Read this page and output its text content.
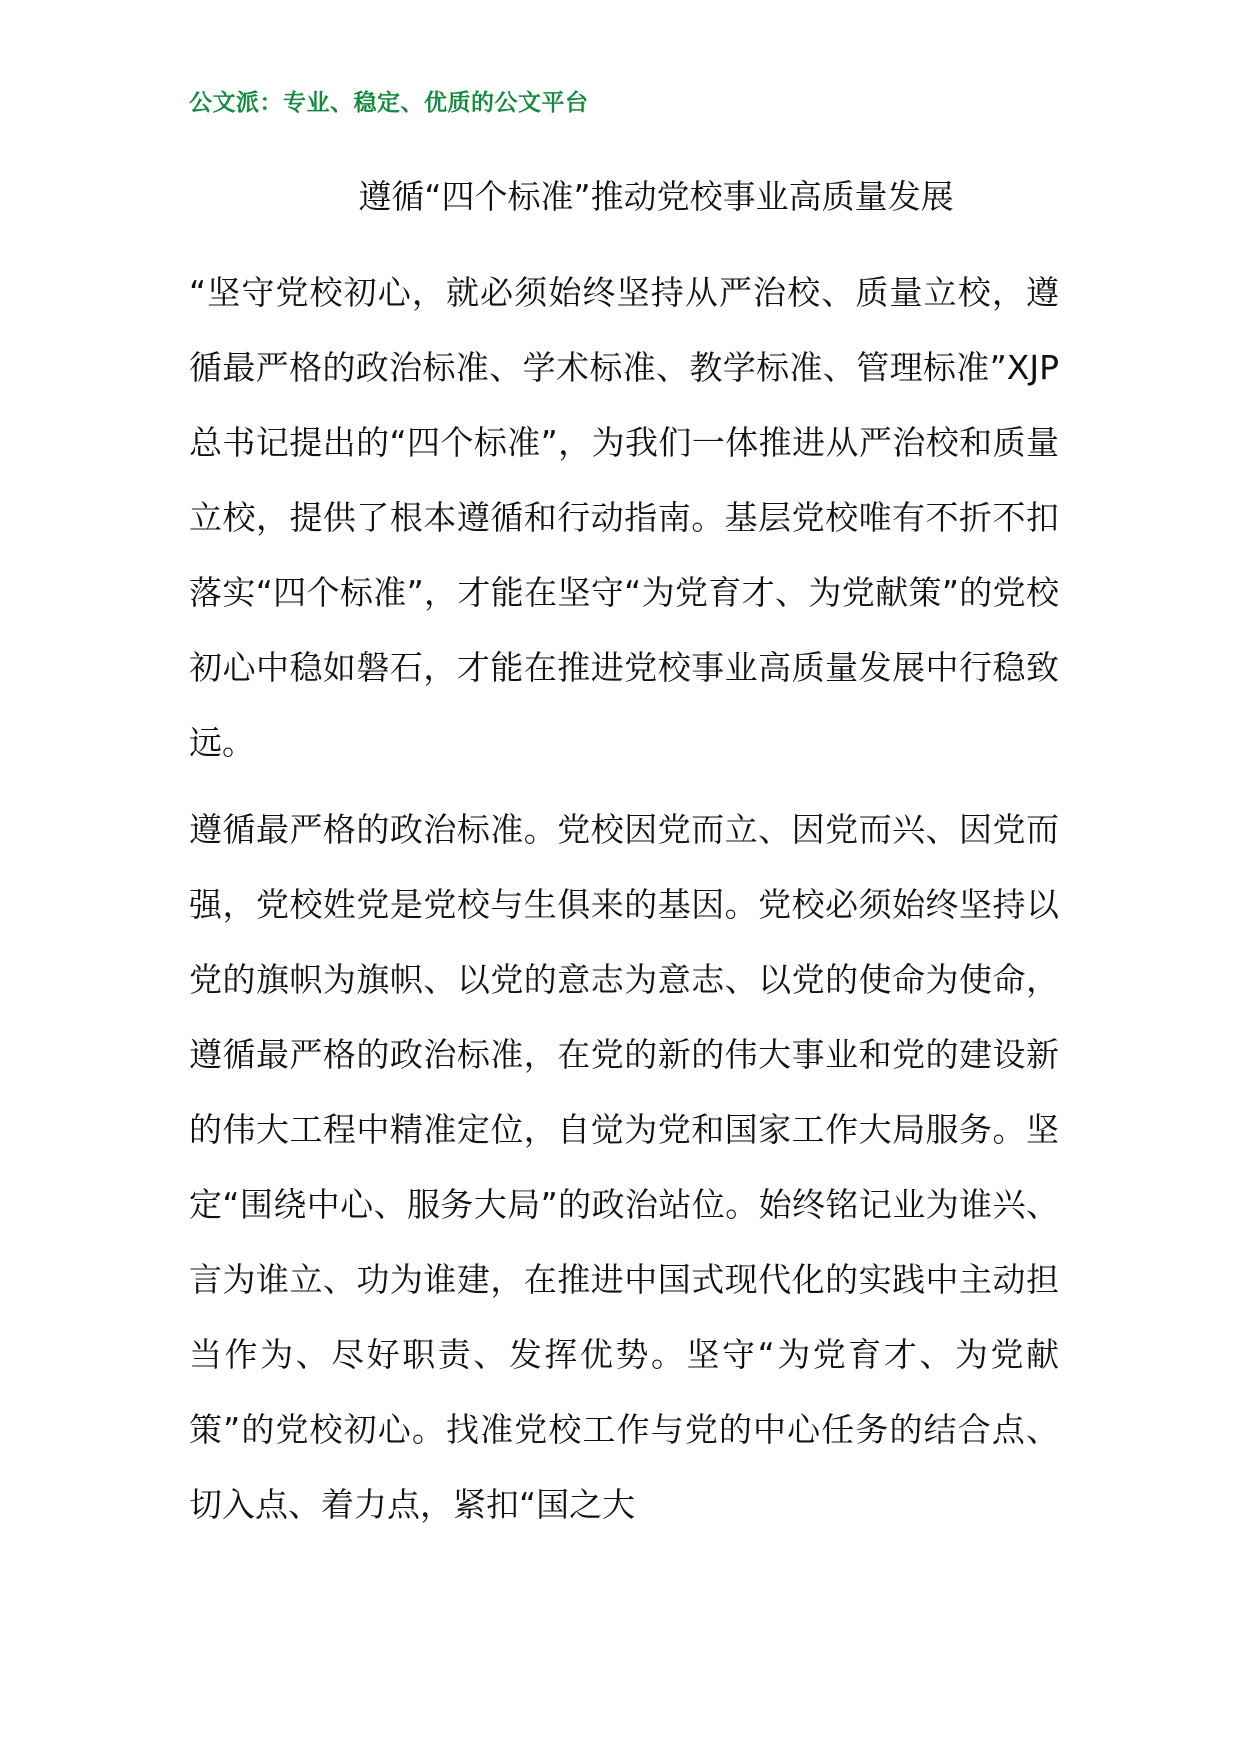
公文派：专业、稳定、优质的公文平台
遵循“四个标准”推动党校事业高质量发展

“坚守党校初心，就必须始终坚持从严治校、质量立校，遵循最严格的政治标准、学术标准、教学标准、管理标准”XJP总书记提出的“四个标准”，为我们一体推进从严治校和质量立校，提供了根本遵循和行动指南。基层党校唯有不折不扣落实“四个标准”，才能在坚守“为党育才、为党献策”的党校初心中稳如磐石，才能在推进党校事业高质量发展中行稳致远。

遵循最严格的政治标准。党校因党而立、因党而兴、因党而强，党校姓党是党校与生俱来的基因。党校必须始终坚持以党的旗帜为旗帜、以党的意志为意志、以党的使命为使命，遵循最严格的政治标准，在党的新的伟大事业和党的建设新的伟大工程中精准定位，自觉为党和国家工作大局服务。坚定“围绕中心、服务大局”的政治站位。始终铭记业为谁兴、言为谁立、功为谁建，在推进中国式现代化的实践中主动担当作为、尽好职责、发挥优势。坚守“为党育才、为党献策”的党校初心。找准党校工作与党的中心任务的结合点、切入点、着力点，紧扣“国之大
